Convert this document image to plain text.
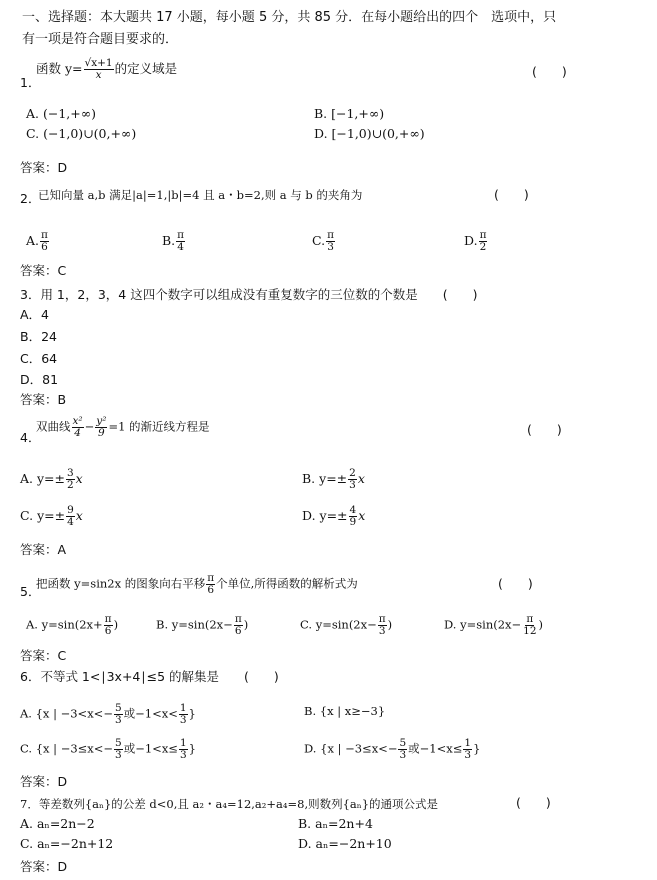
一、选择题：本大题共 17 小题，每小题 5 分，共 85 分．在每小题给出的四个　选项中，只
有一项是符合题目要求的．
1．
函数 $y= \frac{√x+1}{x}$ 的定义域是	(　　)
A. (−1,+∞)	B. [−1,+∞)
C. (−1,0)∪(0,+∞)	D. [−1,0)∪(0,+∞)
答案：D
2．
已知向量 a,b 满足|a|=1,|b|=4 且 a・b=2,则 a 与 b 的夹角为	(　　)
A. $\frac{\pi}{6}$	B. $\frac{\pi}{4}$	C. $\frac{\pi}{3}$	D. $\frac{\pi}{2}$
答案：C
3．用 1，2，3，4 这四个数字可以组成没有重复数字的三位数的个数是　　(　　)
A．4
B．24
C．64
D．81
答案：B
4．
双曲线 $\frac{\text{x²}}{4} - \frac{\text{y²}}{9} =1$ 的渐近线方程是	(　　)
A. $y=\pm \frac{3}{2}$ x	B. $y=\pm \frac{2}{3}$ x
C. $y=\pm \frac{9}{4}$ x	D. $y=\pm \frac{4}{9}$ x
答案：A
5．
把函数 y=sin2x 的图象向右平移 $\frac{\pi}{6}$ 个单位,所得函数的解析式为	(　　)
A. $y=\sin(2x+ \frac{\pi}{6}$ )	B. $y=\sin(2x- \frac{\pi}{6}$ )	C. $y=\sin(2x- \frac{\pi}{3}$ )	D. $y=\sin(2x- \frac{\pi}{12}$ )
答案：C
6．不等式 1<∣3x+4∣≤5 的解集是　　(　　)
A. {x | $-3<x<- \frac{5}{3}$ 或$-1<x< \frac{1}{3}$ }	B. {x | x≥−3}
C. {x | $-3\le x<- \frac{5}{3}$ 或$-1<x\le \frac{1}{3}$ }	D. {x | $-3\le x<- \frac{5}{3}$ 或$-1<x\le \frac{1}{3}$ }
答案：D
7．等差数列{aₙ}的公差 d<0,且 a₂・a₄=12,a₂+a₄=8,则数列{aₙ}的通项公式是	(　　)
A. aₙ=2n−2	B. aₙ=2n+4
C. aₙ=−2n+12	D. aₙ=−2n+10
答案：D
